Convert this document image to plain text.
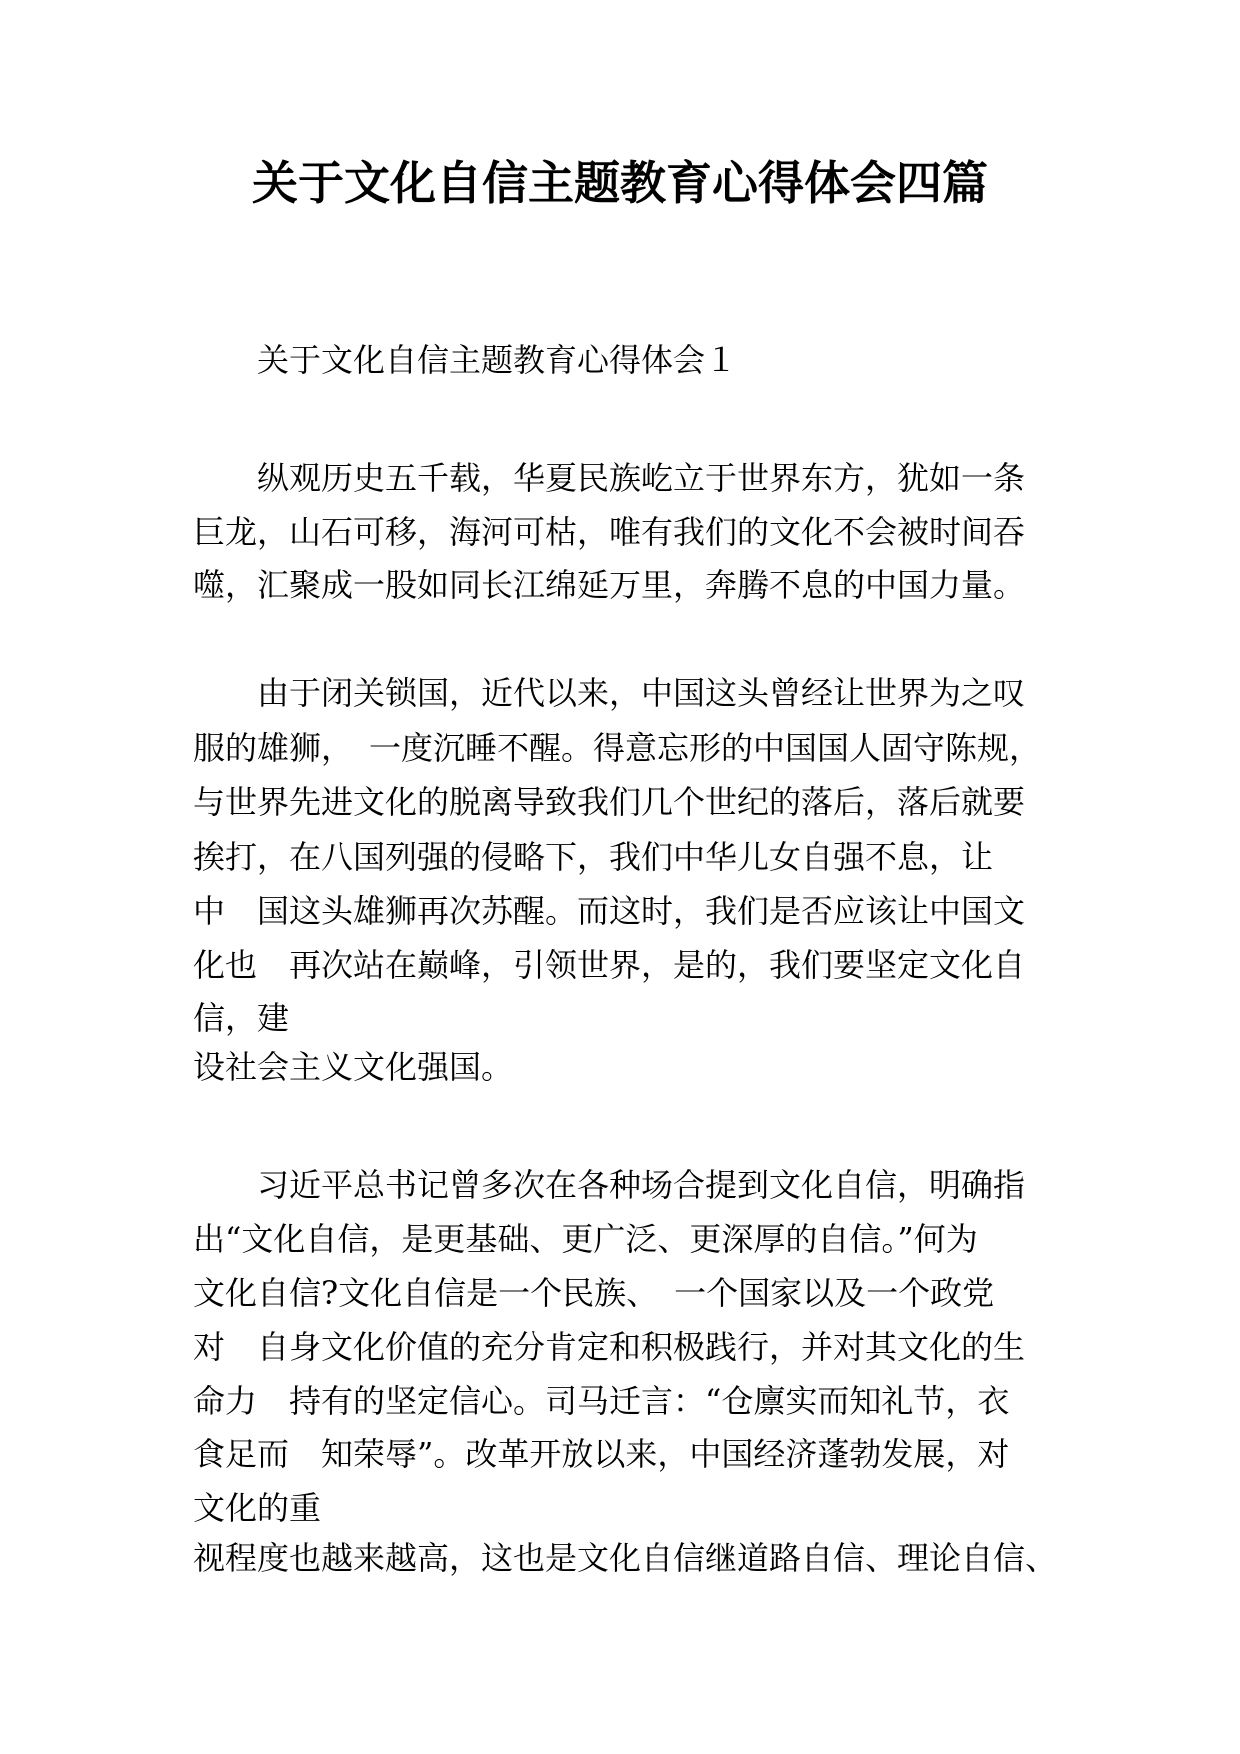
关于文化自信主题教育心得体会四篇

　　关于文化自信主题教育心得体会１

　　纵观历史五千载，华夏民族屹立于世界东方，犹如一条

巨龙，山石可移，海河可枯，唯有我们的文化不会被时间吞

噬，汇聚成一股如同长江绵延万里，奔腾不息的中国力量。

　　由于闭关锁国，近代以来，中国这头曾经让世界为之叹

服的雄狮，　一度沉睡不醒。得意忘形的中国国人固守陈规，

与世界先进文化的脱离导致我们几个世纪的落后，落后就要

挨打，在八国列强的侵略下，我们中华儿女自强不息，让

中　国这头雄狮再次苏醒。而这时，我们是否应该让中国文

化也　再次站在巅峰，引领世界，是的，我们要坚定文化自

信，建

设社会主义文化强国。

　　习近平总书记曾多次在各种场合提到文化自信，明确指

出“文化自信，是更基础、更广泛、更深厚的自信。”何为

文化自信?文化自信是一个民族、　一个国家以及一个政党

对　自身文化价值的充分肯定和积极践行，并对其文化的生

命力　持有的坚定信心。司马迁言：“仓廪实而知礼节，衣

食足而　知荣辱”。改革开放以来，中国经济蓬勃发展，对

文化的重

视程度也越来越高，这也是文化自信继道路自信、理论自信、
